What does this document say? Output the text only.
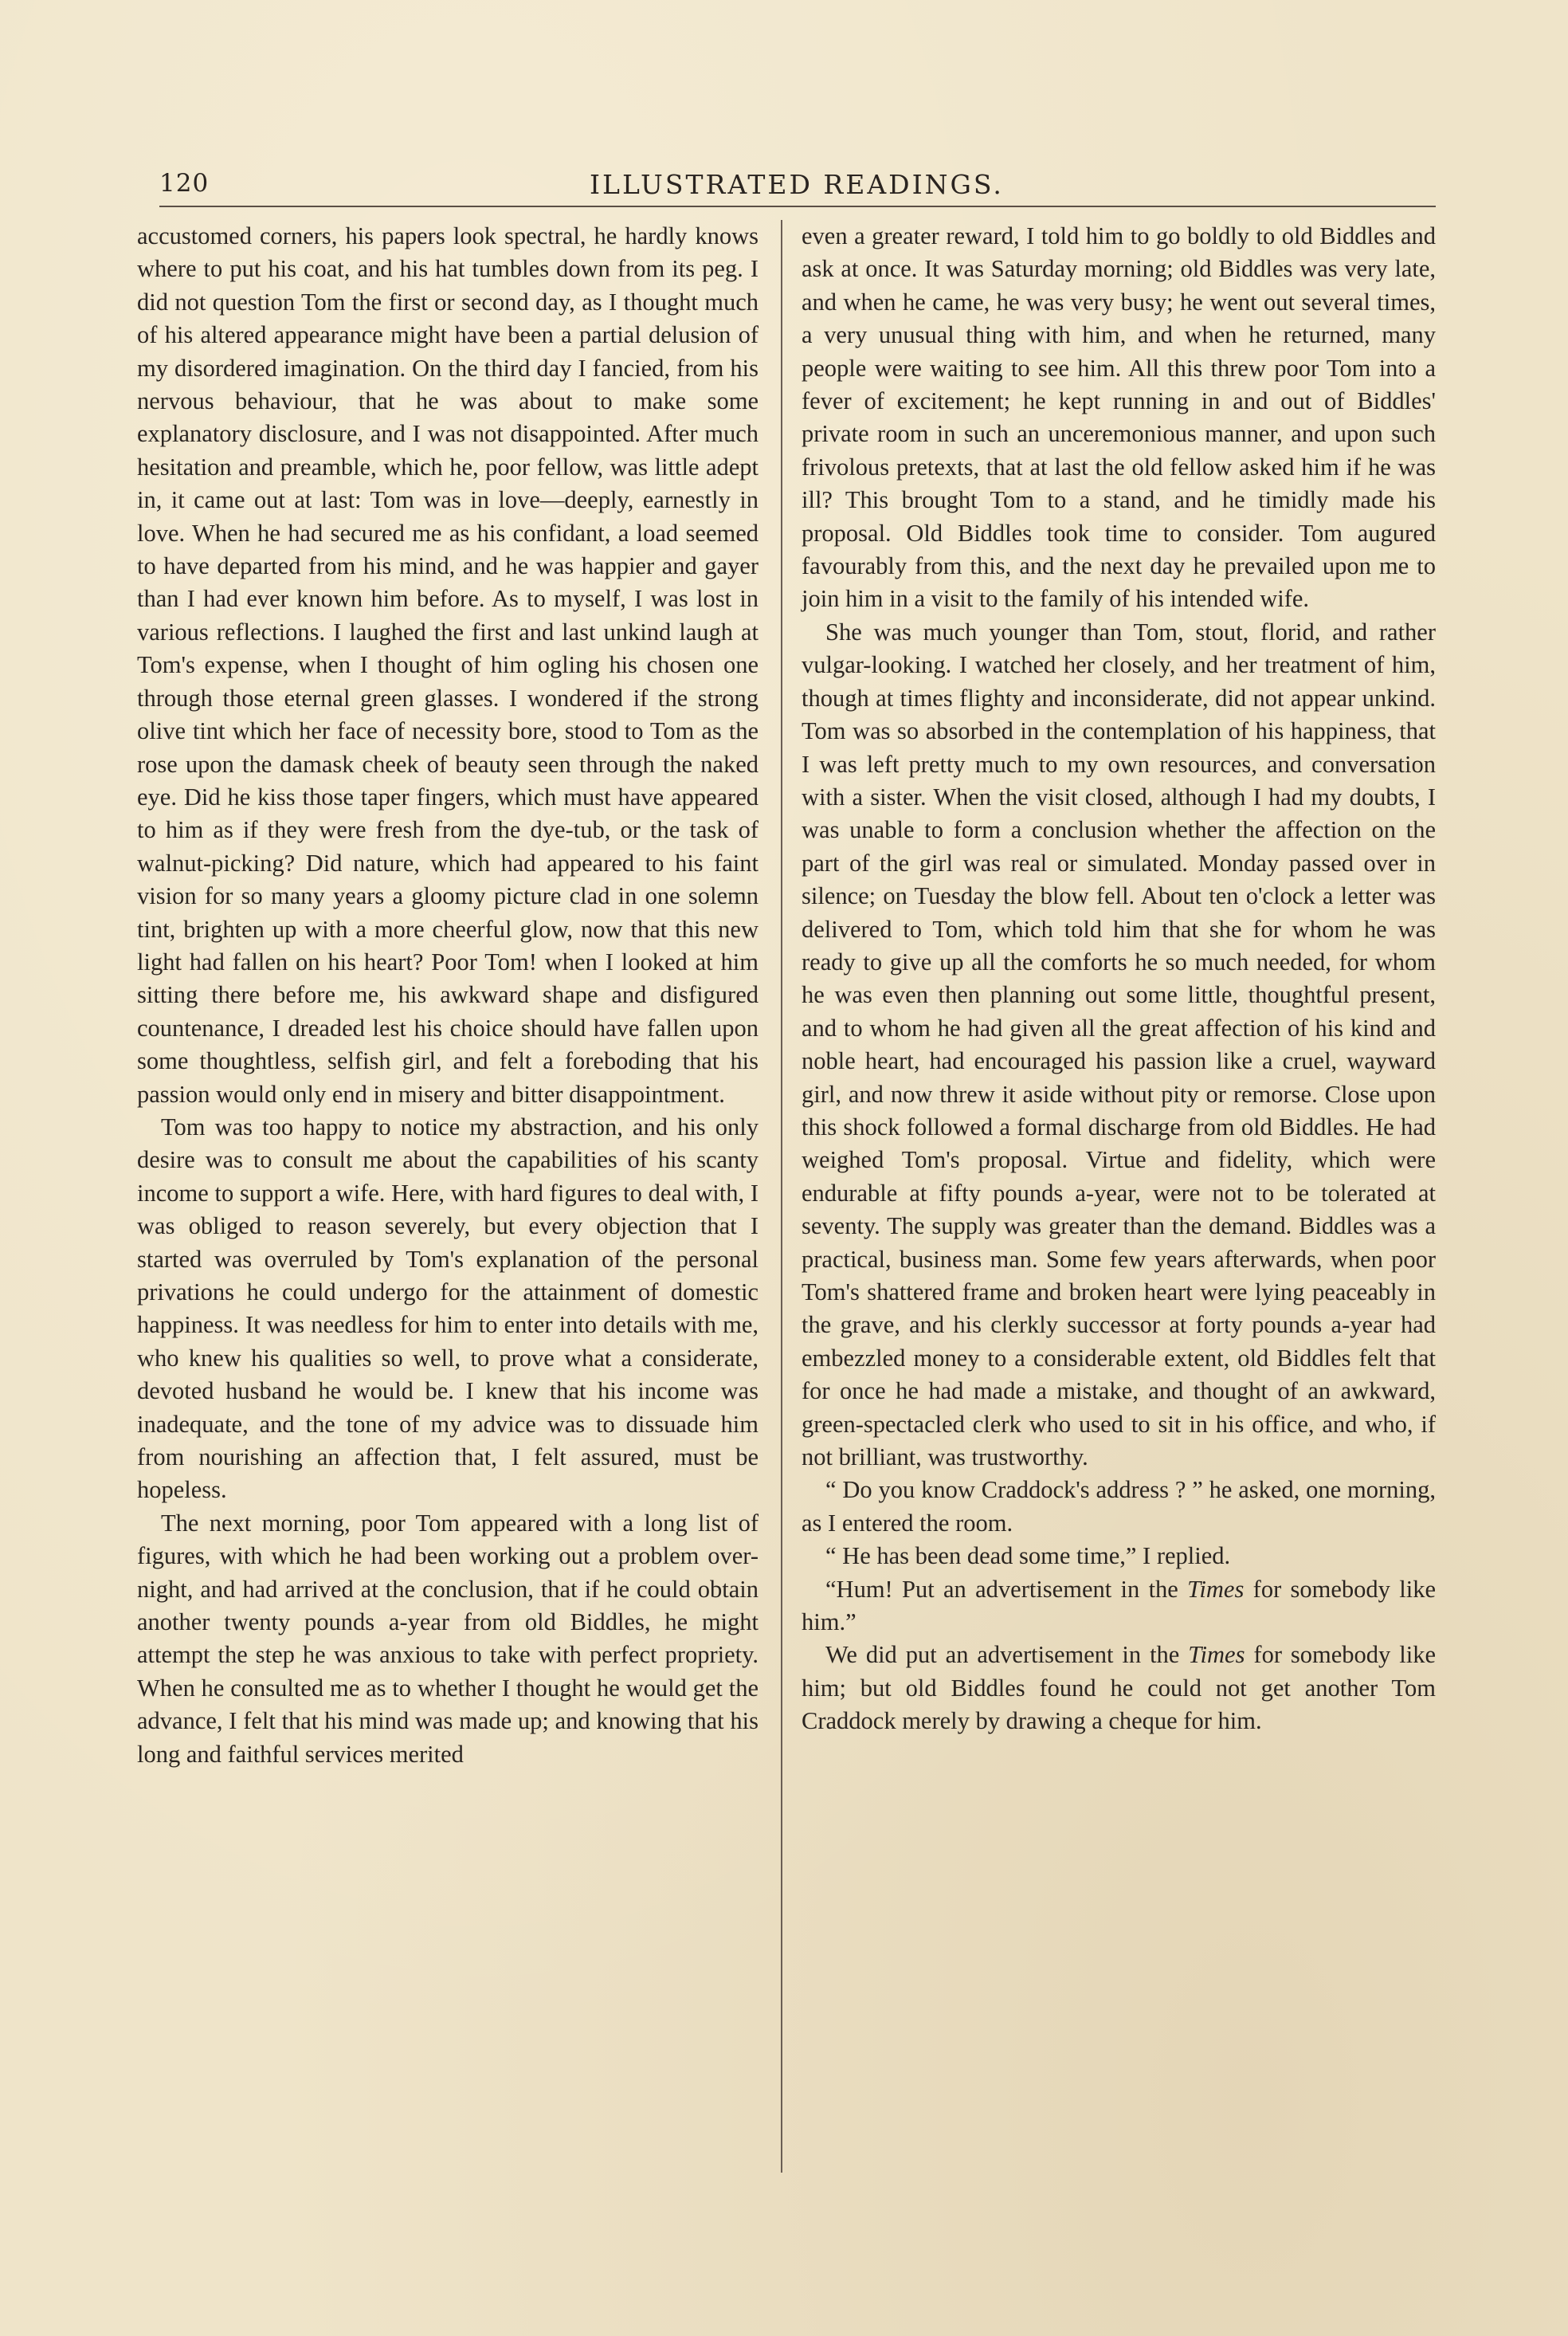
120	ILLUSTRATED READINGS.

accustomed corners, his papers look spectral, he hardly knows where to put his coat, and his hat tumbles down from its peg. I did not question Tom the first or second day, as I thought much of his altered appearance might have been a partial delusion of my disordered imagination. On the third day I fancied, from his nervous behaviour, that he was about to make some explanatory disclosure, and I was not disappointed. After much hesitation and preamble, which he, poor fellow, was little adept in, it came out at last: Tom was in love—deeply, earnestly in love. When he had secured me as his confidant, a load seemed to have departed from his mind, and he was happier and gayer than I had ever known him before. As to myself, I was lost in various reflections. I laughed the first and last unkind laugh at Tom's expense, when I thought of him ogling his chosen one through those eternal green glasses. I wondered if the strong olive tint which her face of necessity bore, stood to Tom as the rose upon the damask cheek of beauty seen through the naked eye. Did he kiss those taper fingers, which must have appeared to him as if they were fresh from the dye-tub, or the task of walnut-picking? Did nature, which had appeared to his faint vision for so many years a gloomy picture clad in one solemn tint, brighten up with a more cheerful glow, now that this new light had fallen on his heart? Poor Tom! when I looked at him sitting there before me, his awkward shape and disfigured countenance, I dreaded lest his choice should have fallen upon some thoughtless, selfish girl, and felt a foreboding that his passion would only end in misery and bitter disappointment.

Tom was too happy to notice my abstraction, and his only desire was to consult me about the capabilities of his scanty income to support a wife. Here, with hard figures to deal with, I was obliged to reason severely, but every objection that I started was overruled by Tom's explanation of the personal privations he could undergo for the attainment of domestic happiness. It was needless for him to enter into details with me, who knew his qualities so well, to prove what a considerate, devoted husband he would be. I knew that his income was inadequate, and the tone of my advice was to dissuade him from nourishing an affection that, I felt assured, must be hopeless.

The next morning, poor Tom appeared with a long list of figures, with which he had been working out a problem over-night, and had arrived at the conclusion, that if he could obtain another twenty pounds a-year from old Biddles, he might attempt the step he was anxious to take with perfect propriety. When he consulted me as to whether I thought he would get the advance, I felt that his mind was made up; and knowing that his long and faithful services merited

even a greater reward, I told him to go boldly to old Biddles and ask at once. It was Saturday morning; old Biddles was very late, and when he came, he was very busy; he went out several times, a very unusual thing with him, and when he returned, many people were waiting to see him. All this threw poor Tom into a fever of excitement; he kept running in and out of Biddles' private room in such an unceremonious manner, and upon such frivolous pretexts, that at last the old fellow asked him if he was ill? This brought Tom to a stand, and he timidly made his proposal. Old Biddles took time to consider. Tom augured favourably from this, and the next day he prevailed upon me to join him in a visit to the family of his intended wife.

She was much younger than Tom, stout, florid, and rather vulgar-looking. I watched her closely, and her treatment of him, though at times flighty and inconsiderate, did not appear unkind. Tom was so absorbed in the contemplation of his happiness, that I was left pretty much to my own resources, and conversation with a sister. When the visit closed, although I had my doubts, I was unable to form a conclusion whether the affection on the part of the girl was real or simulated. Monday passed over in silence; on Tuesday the blow fell. About ten o'clock a letter was delivered to Tom, which told him that she for whom he was ready to give up all the comforts he so much needed, for whom he was even then planning out some little, thoughtful present, and to whom he had given all the great affection of his kind and noble heart, had encouraged his passion like a cruel, wayward girl, and now threw it aside without pity or remorse. Close upon this shock followed a formal discharge from old Biddles. He had weighed Tom's proposal. Virtue and fidelity, which were endurable at fifty pounds a-year, were not to be tolerated at seventy. The supply was greater than the demand. Biddles was a practical, business man. Some few years afterwards, when poor Tom's shattered frame and broken heart were lying peaceably in the grave, and his clerkly successor at forty pounds a-year had embezzled money to a considerable extent, old Biddles felt that for once he had made a mistake, and thought of an awkward, green-spectacled clerk who used to sit in his office, and who, if not brilliant, was trustworthy.

“ Do you know Craddock's address ? ” he asked, one morning, as I entered the room.

“ He has been dead some time,” I replied.

“Hum! Put an advertisement in the Times for somebody like him.”

We did put an advertisement in the Times for somebody like him; but old Biddles found he could not get another Tom Craddock merely by drawing a cheque for him.
